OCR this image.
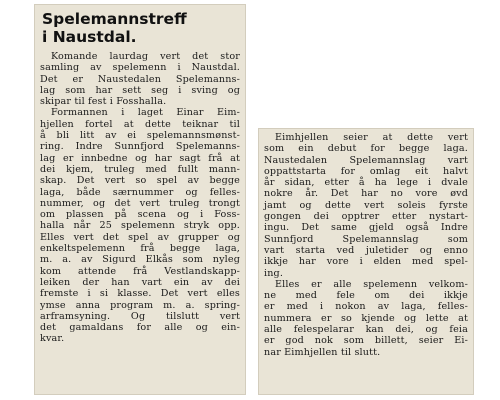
Spelemannstreff
i Naustdal.

Komande laurdag vert det stor
samling av spelemenn i Naustdal.
Det er Naustedalen Spelemanns-
lag som har sett seg i sving og
skipar til fest i Fosshalla.

Formannen i laget Einar Eim-
hjellen fortel at dette teiknar til
å bli litt av ei spelemannsmønst-
ring. Indre Sunnfjord Spelemanns-
lag er innbedne og har sagt frå at
dei kjem, truleg med fullt mann-
skap. Det vert so spel av begge
laga, både særnummer og felles-
nummer, og det vert truleg trongt
om plassen på scena og i Foss-
halla når 25 spelemenn stryk opp.
Elles vert det spel av grupper og
enkeltspelemenn frå begge laga,
m. a. av Sigurd Elkås som nyleg
kom attende frå Vestlandskapp-
leiken der han vart ein av dei
fremste i si klasse. Det vert elles
ymse anna program m. a. spring-
arframsyning. Og tilslutt vert
det gamaldans for alle og ein-
kvar.

Eimhjellen seier at dette vert
som ein debut for begge laga.
Naustedalen Spelemannslag vart
oppattstarta for omlag eit halvt
år sidan, etter å ha lege i dvale
nokre år. Det har no vore øvd
jamt og dette vert soleis fyrste
gongen dei opptrer etter nystart-
ingu. Det same gjeld også Indre
Sunnfjord Spelemannslag som
vart starta ved juletider og enno
ikkje har vore i elden med spel-
ing.

Elles er alle spelemenn velkom-
ne med fele om dei ikkje
er med i nokon av laga, felles-
nummera er so kjende og lette at
alle felespelarar kan dei, og feia
er god nok som billett, seier Ei-
nar Eimhjellen til slutt.
